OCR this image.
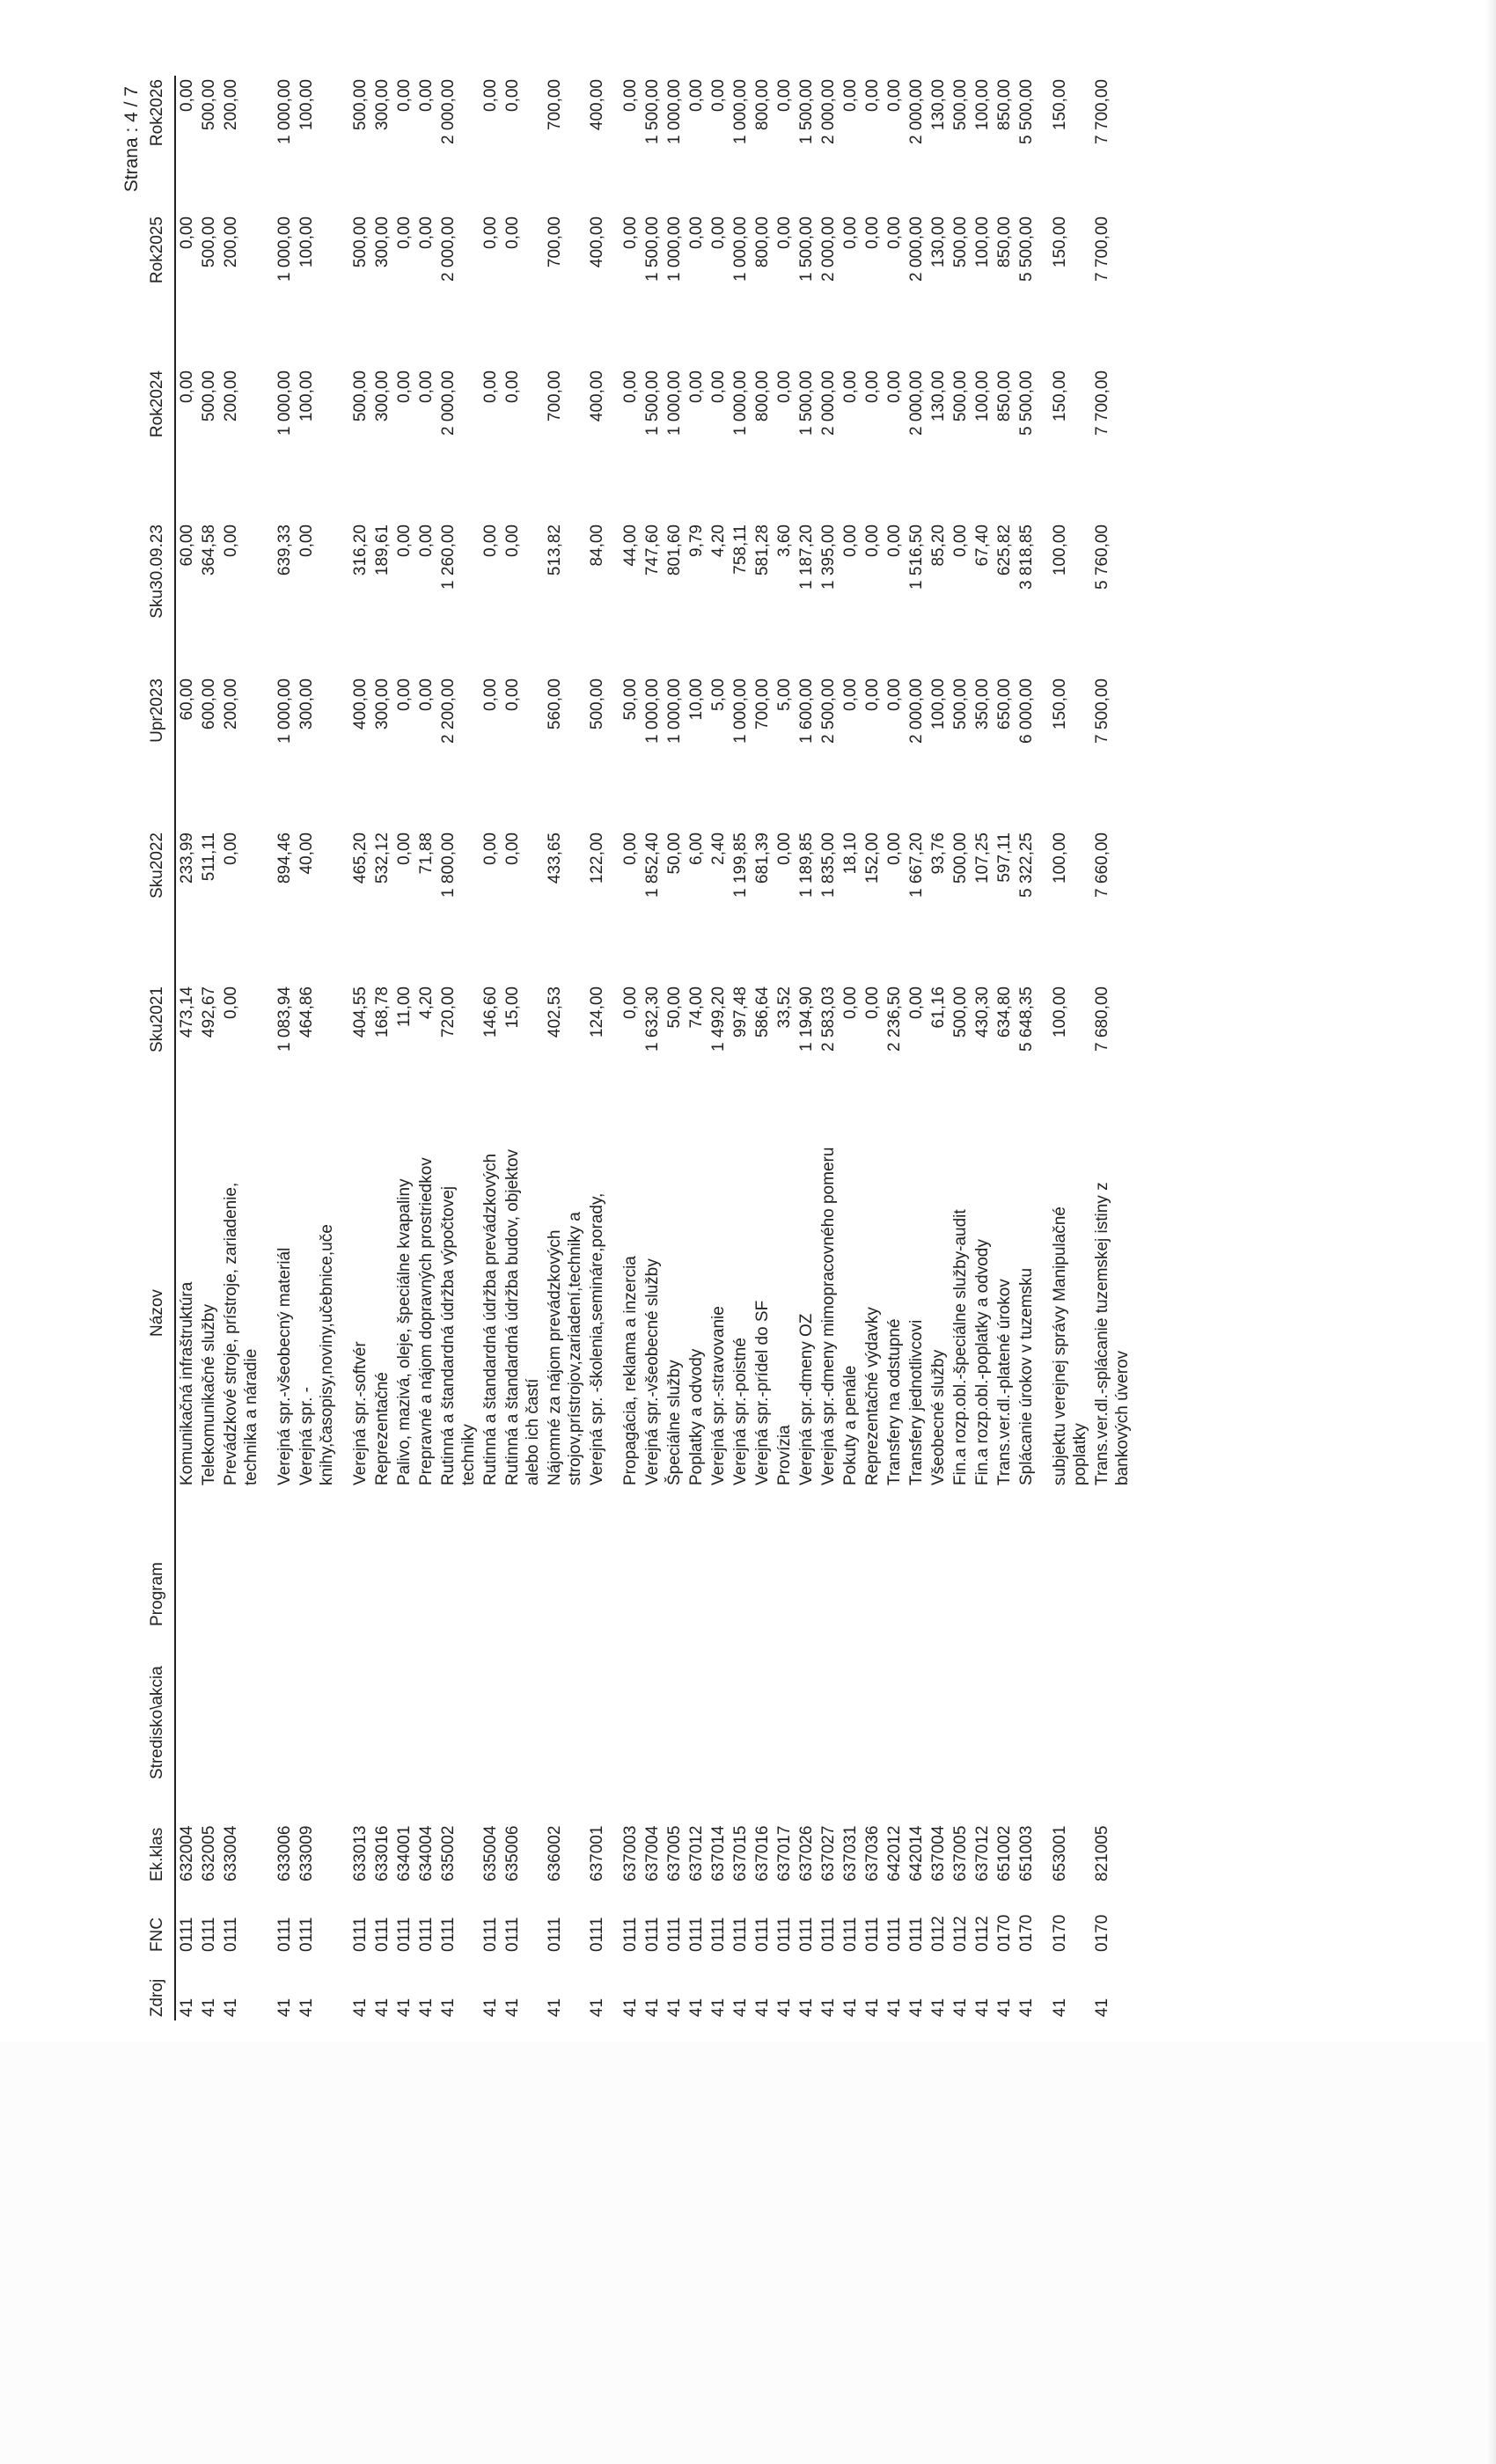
Strana : 4 / 7
Zdroj	FNC	Ek.klas	Stredisko\akcia	Program	Názov	Sku2021	Sku2022	Upr2023	Sku30.09.23	Rok2024	Rok2025	Rok2026
41	0111	632004			Komunikačná infraštruktúra	473,14	233,99	60,00	60,00	0,00	0,00	0,00
41	0111	632005			Telekomunikačné služby	492,67	511,11	600,00	364,58	500,00	500,00	500,00
41	0111	633004			Prevádzkové stroje, prístroje, zariadenie, technika a náradie	0,00	0,00	200,00	0,00	200,00	200,00	200,00
41	0111	633006			Verejná spr.-všeobecný materiál	1 083,94	894,46	1 000,00	639,33	1 000,00	1 000,00	1 000,00
41	0111	633009			Verejná spr. -knihy,časopisy,noviny,učebnice,uče	464,86	40,00	300,00	0,00	100,00	100,00	100,00
41	0111	633013			Verejná spr.-softvér	404,55	465,20	400,00	316,20	500,00	500,00	500,00
41	0111	633016			Reprezentačné	168,78	532,12	300,00	189,61	300,00	300,00	300,00
41	0111	634001			Palivo, mazivá, oleje, špeciálne kvapaliny	11,00	0,00	0,00	0,00	0,00	0,00	0,00
41	0111	634004			Prepravné a nájom dopravných prostriedkov	4,20	71,88	0,00	0,00	0,00	0,00	0,00
41	0111	635002			Rutinná a štandardná údržba výpočtovej techniky	720,00	1 800,00	2 200,00	1 260,00	2 000,00	2 000,00	2 000,00
41	0111	635004			Rutinná a štandardná údržba prevádzkových	146,60	0,00	0,00	0,00	0,00	0,00	0,00
41	0111	635006			Rutinná a štandardná údržba budov, objektov alebo ich častí	15,00	0,00	0,00	0,00	0,00	0,00	0,00
41	0111	636002			Nájomné za nájom prevádzkových strojov,prístrojov,zariadení,techniky a	402,53	433,65	560,00	513,82	700,00	700,00	700,00
41	0111	637001			Verejná spr. -školenia,semináre,porady,	124,00	122,00	500,00	84,00	400,00	400,00	400,00
41	0111	637003			Propagácia, reklama a inzercia	0,00	0,00	50,00	44,00	0,00	0,00	0,00
41	0111	637004			Verejná spr.-všeobecné služby	1 632,30	1 852,40	1 000,00	747,60	1 500,00	1 500,00	1 500,00
41	0111	637005			Špeciálne služby	50,00	50,00	1 000,00	801,60	1 000,00	1 000,00	1 000,00
41	0111	637012			Poplatky a odvody	74,00	6,00	10,00	9,79	0,00	0,00	0,00
41	0111	637014			Verejná spr.-stravovanie	1 499,20	2,40	5,00	4,20	0,00	0,00	0,00
41	0111	637015			Verejná spr.-poistné	997,48	1 199,85	1 000,00	758,11	1 000,00	1 000,00	1 000,00
41	0111	637016			Verejná spr.-prídel do SF	586,64	681,39	700,00	581,28	800,00	800,00	800,00
41	0111	637017			Provízia	33,52	0,00	5,00	3,60	0,00	0,00	0,00
41	0111	637026			Verejná spr.-dmeny OZ	1 194,90	1 189,85	1 600,00	1 187,20	1 500,00	1 500,00	1 500,00
41	0111	637027			Verejná spr.-dmeny mimopracovného pomeru	2 583,03	1 835,00	2 500,00	1 395,00	2 000,00	2 000,00	2 000,00
41	0111	637031			Pokuty a penále	0,00	18,10	0,00	0,00	0,00	0,00	0,00
41	0111	637036			Reprezentačné výdavky	0,00	152,00	0,00	0,00	0,00	0,00	0,00
41	0111	642012			Transfery na odstupné	2 236,50	0,00	0,00	0,00	0,00	0,00	0,00
41	0111	642014			Transfery jednotlivcovi	0,00	1 667,20	2 000,00	1 516,50	2 000,00	2 000,00	2 000,00
41	0112	637004			Všeobecné služby	61,16	93,76	100,00	85,20	130,00	130,00	130,00
41	0112	637005			Fin.a rozp.obl.-špeciálne služby-audit	500,00	500,00	500,00	0,00	500,00	500,00	500,00
41	0112	637012			Fin.a rozp.obl.-poplatky a odvody	430,30	107,25	350,00	67,40	100,00	100,00	100,00
41	0170	651002			Trans.ver.dl.-platené úrokov	634,80	597,11	650,00	625,82	850,00	850,00	850,00
41	0170	651003			Splácanie úrokov v tuzemsku	5 648,35	5 322,25	6 000,00	3 818,85	5 500,00	5 500,00	5 500,00
41	0170	653001			subjektu verejnej správy Manipulačné poplatky	100,00	100,00	150,00	100,00	150,00	150,00	150,00
41	0170	821005			Trans.ver.dl.-splácanie tuzemskej istiny z bankových úverov	7 680,00	7 660,00	7 500,00	5 760,00	7 700,00	7 700,00	7 700,00
